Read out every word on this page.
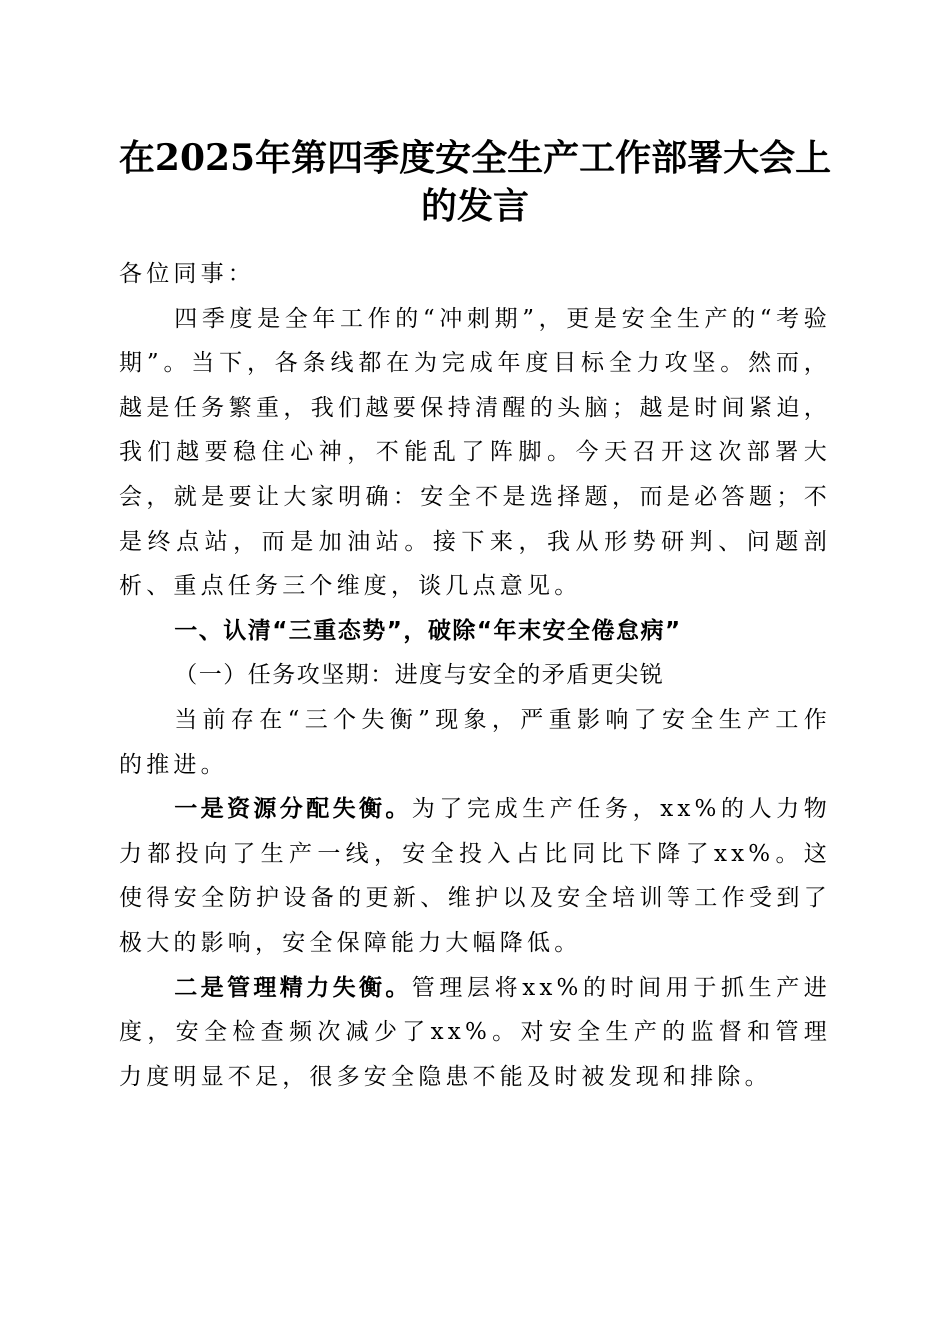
在2025年第四季度安全生产工作部署大会上
的发言

各位同事：

四季度是全年工作的“冲刺期”，更是安全生产的“考验期”。当下，各条线都在为完成年度目标全力攻坚。然而，越是任务繁重，我们越要保持清醒的头脑；越是时间紧迫，我们越要稳住心神，不能乱了阵脚。今天召开这次部署大会，就是要让大家明确：安全不是选择题，而是必答题；不是终点站，而是加油站。接下来，我从形势研判、问题剖析、重点任务三个维度，谈几点意见。

一、认清“三重态势”，破除“年末安全倦怠病”

（一）任务攻坚期：进度与安全的矛盾更尖锐

当前存在“三个失衡”现象，严重影响了安全生产工作的推进。

一是资源分配失衡。为了完成生产任务，xx%的人力物力都投向了生产一线，安全投入占比同比下降了xx%。这使得安全防护设备的更新、维护以及安全培训等工作受到了极大的影响，安全保障能力大幅降低。

二是管理精力失衡。管理层将xx%的时间用于抓生产进度，安全检查频次减少了xx%。对安全生产的监督和管理力度明显不足，很多安全隐患不能及时被发现和排除。
